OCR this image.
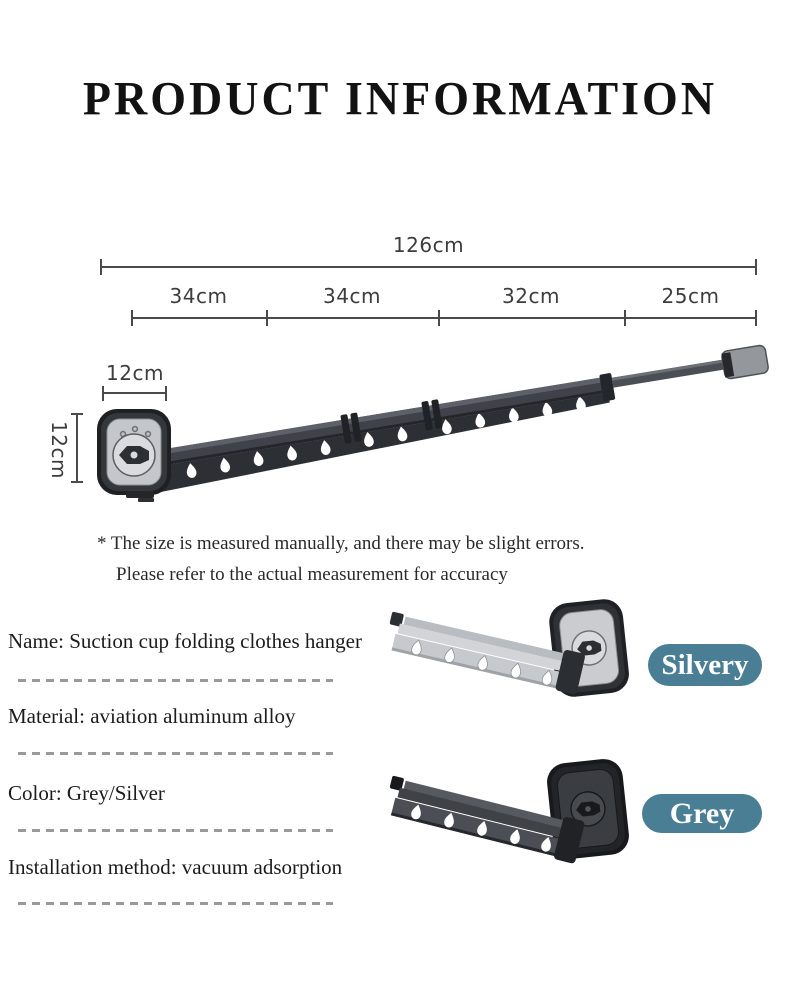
PRODUCT INFORMATION
126cm
34cm	34cm	32cm	25cm
12cm
12cm
* The size is measured manually, and there may be slight errors.
Please refer to the actual measurement for accuracy
Name: Suction cup folding clothes hanger
Material: aviation aluminum alloy
Color: Grey/Silver
Installation method: vacuum adsorption
Silvery
Grey
